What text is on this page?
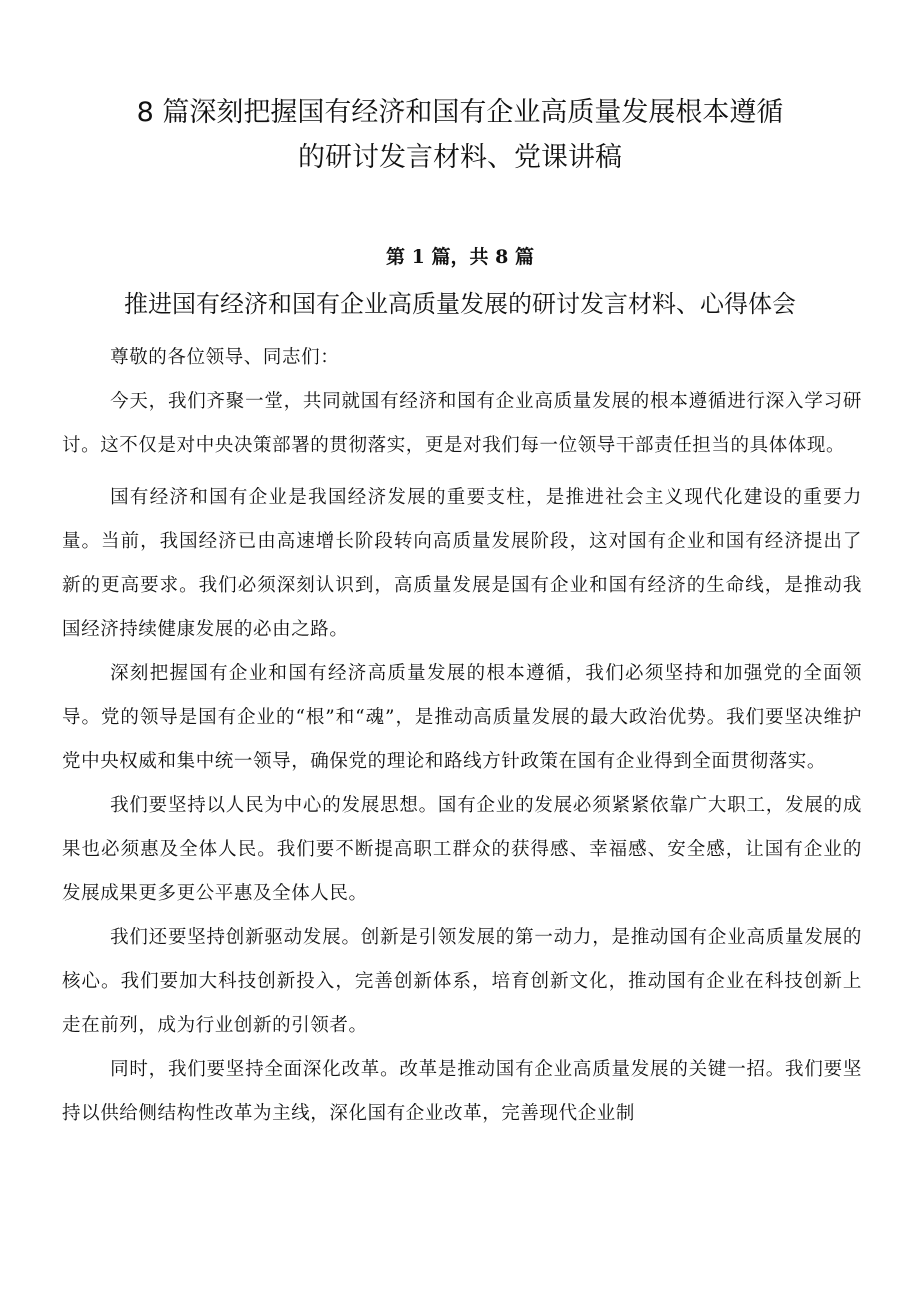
8 篇深刻把握国有经济和国有企业高质量发展根本遵循
的研讨发言材料、党课讲稿
第 1 篇，共 8 篇
推进国有经济和国有企业高质量发展的研讨发言材料、心得体会

尊敬的各位领导、同志们：

今天，我们齐聚一堂，共同就国有经济和国有企业高质量发展的根本遵循进行深入学习研讨。这不仅是对中央决策部署的贯彻落实，更是对我们每一位领导干部责任担当的具体体现。

国有经济和国有企业是我国经济发展的重要支柱，是推进社会主义现代化建设的重要力量。当前，我国经济已由高速增长阶段转向高质量发展阶段，这对国有企业和国有经济提出了新的更高要求。我们必须深刻认识到，高质量发展是国有企业和国有经济的生命线，是推动我国经济持续健康发展的必由之路。

深刻把握国有企业和国有经济高质量发展的根本遵循，我们必须坚持和加强党的全面领导。党的领导是国有企业的“根”和“魂”，是推动高质量发展的最大政治优势。我们要坚决维护党中央权威和集中统一领导，确保党的理论和路线方针政策在国有企业得到全面贯彻落实。

我们要坚持以人民为中心的发展思想。国有企业的发展必须紧紧依靠广大职工，发展的成果也必须惠及全体人民。我们要不断提高职工群众的获得感、幸福感、安全感，让国有企业的发展成果更多更公平惠及全体人民。

我们还要坚持创新驱动发展。创新是引领发展的第一动力，是推动国有企业高质量发展的核心。我们要加大科技创新投入，完善创新体系，培育创新文化，推动国有企业在科技创新上走在前列，成为行业创新的引领者。

同时，我们要坚持全面深化改革。改革是推动国有企业高质量发展的关键一招。我们要坚持以供给侧结构性改革为主线，深化国有企业改革，完善现代企业制
